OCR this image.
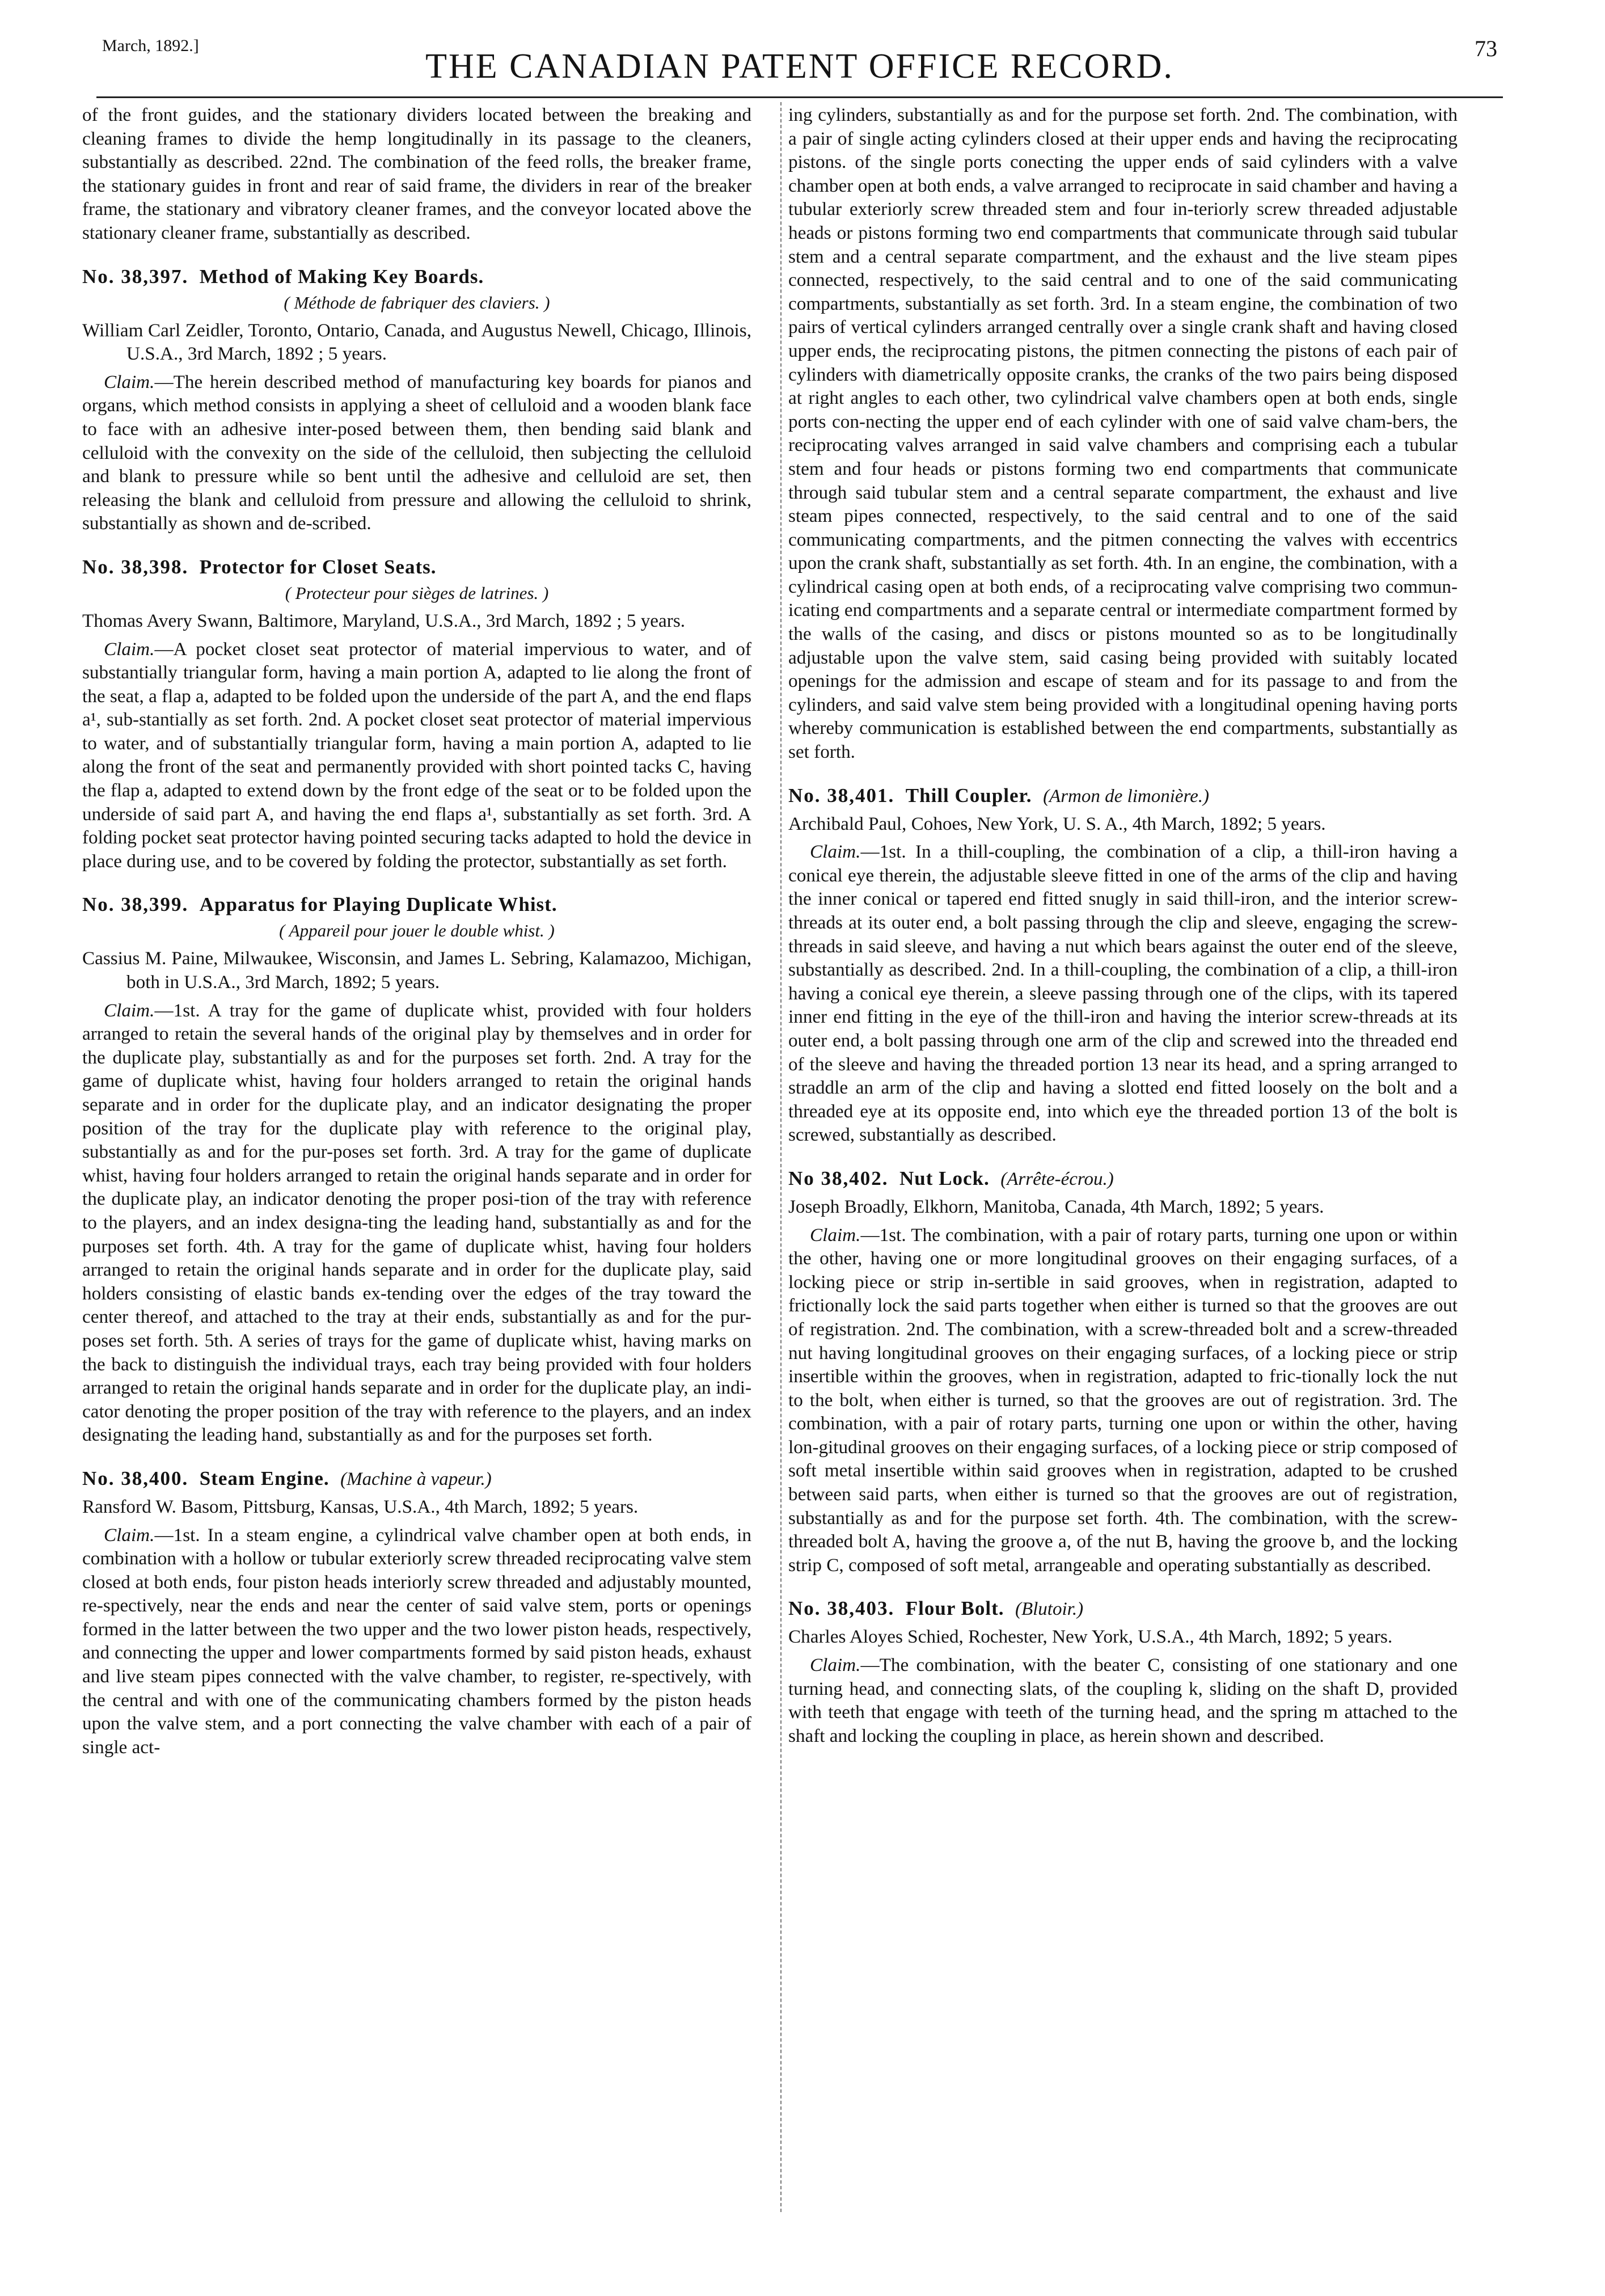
March, 1892.]
THE CANADIAN PATENT OFFICE RECORD.	73

of the front guides, and the stationary dividers located between the breaking and cleaning frames to divide the hemp longitudinally in its passage to the cleaners, substantially as described. 22nd. The combination of the feed rolls, the breaker frame, the stationary guides in front and rear of said frame, the dividers in rear of the breaker frame, the stationary and vibratory cleaner frames, and the conveyor located above the stationary cleaner frame, substantially as described.

No. 38,397. Method of Making Key Boards.
( Méthode de fabriquer des claviers. )

William Carl Zeidler, Toronto, Ontario, Canada, and Augustus Newell, Chicago, Illinois, U.S.A., 3rd March, 1892 ; 5 years.

Claim.—The herein described method of manufacturing key boards for pianos and organs, which method consists in applying a sheet of celluloid and a wooden blank face to face with an adhesive inter-posed between them, then bending said blank and celluloid with the convexity on the side of the celluloid, then subjecting the celluloid and blank to pressure while so bent until the adhesive and celluloid are set, then releasing the blank and celluloid from pressure and allowing the celluloid to shrink, substantially as shown and de-scribed.

No. 38,398. Protector for Closet Seats.
( Protecteur pour sièges de latrines. )

Thomas Avery Swann, Baltimore, Maryland, U.S.A., 3rd March, 1892 ; 5 years.

Claim.—A pocket closet seat protector of material impervious to water, and of substantially triangular form, having a main portion A, adapted to lie along the front of the seat, a flap a, adapted to be folded upon the underside of the part A, and the end flaps a¹, sub-stantially as set forth. 2nd. A pocket closet seat protector of material impervious to water, and of substantially triangular form, having a main portion A, adapted to lie along the front of the seat and permanently provided with short pointed tacks C, having the flap a, adapted to extend down by the front edge of the seat or to be folded upon the underside of said part A, and having the end flaps a¹, substantially as set forth. 3rd. A folding pocket seat protector having pointed securing tacks adapted to hold the device in place during use, and to be covered by folding the protector, substantially as set forth.

No. 38,399. Apparatus for Playing Duplicate Whist.
( Appareil pour jouer le double whist. )

Cassius M. Paine, Milwaukee, Wisconsin, and James L. Sebring, Kalamazoo, Michigan, both in U.S.A., 3rd March, 1892; 5 years.

Claim.—1st. A tray for the game of duplicate whist, provided with four holders arranged to retain the several hands of the original play by themselves and in order for the duplicate play, substantially as and for the purposes set forth. 2nd. A tray for the game of duplicate whist, having four holders arranged to retain the original hands separate and in order for the duplicate play, and an indicator designating the proper position of the tray for the duplicate play with reference to the original play, substantially as and for the pur-poses set forth. 3rd. A tray for the game of duplicate whist, having four holders arranged to retain the original hands separate and in order for the duplicate play, an indicator denoting the proper posi-tion of the tray with reference to the players, and an index designa-ting the leading hand, substantially as and for the purposes set forth. 4th. A tray for the game of duplicate whist, having four holders arranged to retain the original hands separate and in order for the duplicate play, said holders consisting of elastic bands ex-tending over the edges of the tray toward the center thereof, and attached to the tray at their ends, substantially as and for the pur-poses set forth. 5th. A series of trays for the game of duplicate whist, having marks on the back to distinguish the individual trays, each tray being provided with four holders arranged to retain the original hands separate and in order for the duplicate play, an indi-cator denoting the proper position of the tray with reference to the players, and an index designating the leading hand, substantially as and for the purposes set forth.

No. 38,400. Steam Engine. (Machine à vapeur.)

Ransford W. Basom, Pittsburg, Kansas, U.S.A., 4th March, 1892; 5 years.

Claim.—1st. In a steam engine, a cylindrical valve chamber open at both ends, in combination with a hollow or tubular exteriorly screw threaded reciprocating valve stem closed at both ends, four piston heads interiorly screw threaded and adjustably mounted, re-spectively, near the ends and near the center of said valve stem, ports or openings formed in the latter between the two upper and the two lower piston heads, respectively, and connecting the upper and lower compartments formed by said piston heads, exhaust and live steam pipes connected with the valve chamber, to register, re-spectively, with the central and with one of the communicating chambers formed by the piston heads upon the valve stem, and a port connecting the valve chamber with each of a pair of single act-

ing cylinders, substantially as and for the purpose set forth. 2nd. The combination, with a pair of single acting cylinders closed at their upper ends and having the reciprocating pistons. of the single ports conecting the upper ends of said cylinders with a valve chamber open at both ends, a valve arranged to reciprocate in said chamber and having a tubular exteriorly screw threaded stem and four in-teriorly screw threaded adjustable heads or pistons forming two end compartments that communicate through said tubular stem and a central separate compartment, and the exhaust and the live steam pipes connected, respectively, to the said central and to one of the said communicating compartments, substantially as set forth. 3rd. In a steam engine, the combination of two pairs of vertical cylinders arranged centrally over a single crank shaft and having closed upper ends, the reciprocating pistons, the pitmen connecting the pistons of each pair of cylinders with diametrically opposite cranks, the cranks of the two pairs being disposed at right angles to each other, two cylindrical valve chambers open at both ends, single ports con-necting the upper end of each cylinder with one of said valve cham-bers, the reciprocating valves arranged in said valve chambers and comprising each a tubular stem and four heads or pistons forming two end compartments that communicate through said tubular stem and a central separate compartment, the exhaust and live steam pipes connected, respectively, to the said central and to one of the said communicating compartments, and the pitmen connecting the valves with eccentrics upon the crank shaft, substantially as set forth. 4th. In an engine, the combination, with a cylindrical casing open at both ends, of a reciprocating valve comprising two commun-icating end compartments and a separate central or intermediate compartment formed by the walls of the casing, and discs or pistons mounted so as to be longitudinally adjustable upon the valve stem, said casing being provided with suitably located openings for the admission and escape of steam and for its passage to and from the cylinders, and said valve stem being provided with a longitudinal opening having ports whereby communication is established between the end compartments, substantially as set forth.

No. 38,401. Thill Coupler. (Armon de limonière.)

Archibald Paul, Cohoes, New York, U. S. A., 4th March, 1892; 5 years.

Claim.—1st. In a thill-coupling, the combination of a clip, a thill-iron having a conical eye therein, the adjustable sleeve fitted in one of the arms of the clip and having the inner conical or tapered end fitted snugly in said thill-iron, and the interior screw-threads at its outer end, a bolt passing through the clip and sleeve, engaging the screw-threads in said sleeve, and having a nut which bears against the outer end of the sleeve, substantially as described. 2nd. In a thill-coupling, the combination of a clip, a thill-iron having a conical eye therein, a sleeve passing through one of the clips, with its tapered inner end fitting in the eye of the thill-iron and having the interior screw-threads at its outer end, a bolt passing through one arm of the clip and screwed into the threaded end of the sleeve and having the threaded portion 13 near its head, and a spring arranged to straddle an arm of the clip and having a slotted end fitted loosely on the bolt and a threaded eye at its opposite end, into which eye the threaded portion 13 of the bolt is screwed, substantially as described.

No 38,402. Nut Lock. (Arrête-écrou.)

Joseph Broadly, Elkhorn, Manitoba, Canada, 4th March, 1892; 5 years.

Claim.—1st. The combination, with a pair of rotary parts, turning one upon or within the other, having one or more longitudinal grooves on their engaging surfaces, of a locking piece or strip in-sertible in said grooves, when in registration, adapted to frictionally lock the said parts together when either is turned so that the grooves are out of registration. 2nd. The combination, with a screw-threaded bolt and a screw-threaded nut having longitudinal grooves on their engaging surfaces, of a locking piece or strip insertible within the grooves, when in registration, adapted to fric-tionally lock the nut to the bolt, when either is turned, so that the grooves are out of registration. 3rd. The combination, with a pair of rotary parts, turning one upon or within the other, having lon-gitudinal grooves on their engaging surfaces, of a locking piece or strip composed of soft metal insertible within said grooves when in registration, adapted to be crushed between said parts, when either is turned so that the grooves are out of registration, substantially as and for the purpose set forth. 4th. The combination, with the screw-threaded bolt A, having the groove a, of the nut B, having the groove b, and the locking strip C, composed of soft metal, arrangeable and operating substantially as described.

No. 38,403. Flour Bolt. (Blutoir.)

Charles Aloyes Schied, Rochester, New York, U.S.A., 4th March, 1892; 5 years.

Claim.—The combination, with the beater C, consisting of one stationary and one turning head, and connecting slats, of the coupling k, sliding on the shaft D, provided with teeth that engage with teeth of the turning head, and the spring m attached to the shaft and locking the coupling in place, as herein shown and described.
